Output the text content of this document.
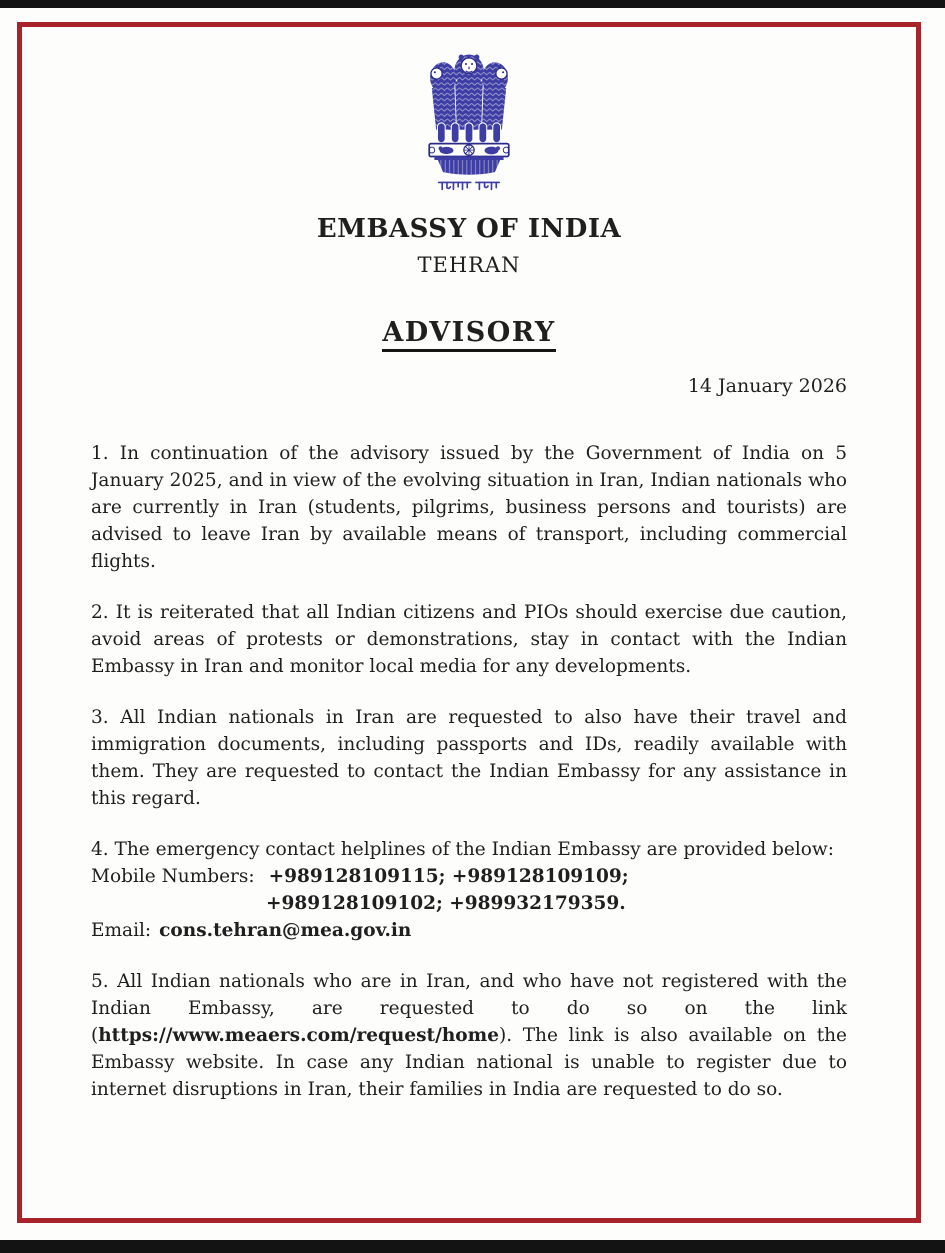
EMBASSY OF INDIA
TEHRAN
ADVISORY
14 January 2026

1. In continuation of the advisory issued by the Government of India on 5 January 2025, and in view of the evolving situation in Iran, Indian nationals who are currently in Iran (students, pilgrims, business persons and tourists) are advised to leave Iran by available means of transport, including commercial flights.

2. It is reiterated that all Indian citizens and PIOs should exercise due caution, avoid areas of protests or demonstrations, stay in contact with the Indian Embassy in Iran and monitor local media for any developments.

3. All Indian nationals in Iran are requested to also have their travel and immigration documents, including passports and IDs, readily available with them. They are requested to contact the Indian Embassy for any assistance in this regard.

4. The emergency contact helplines of the Indian Embassy are provided below:
Mobile Numbers: +989128109115; +989128109109;
+989128109102; +989932179359.
Email: cons.tehran@mea.gov.in

5. All Indian nationals who are in Iran, and who have not registered with the Indian Embassy, are requested to do so on the link (https://www.meaers.com/request/home). The link is also available on the Embassy website. In case any Indian national is unable to register due to internet disruptions in Iran, their families in India are requested to do so.
